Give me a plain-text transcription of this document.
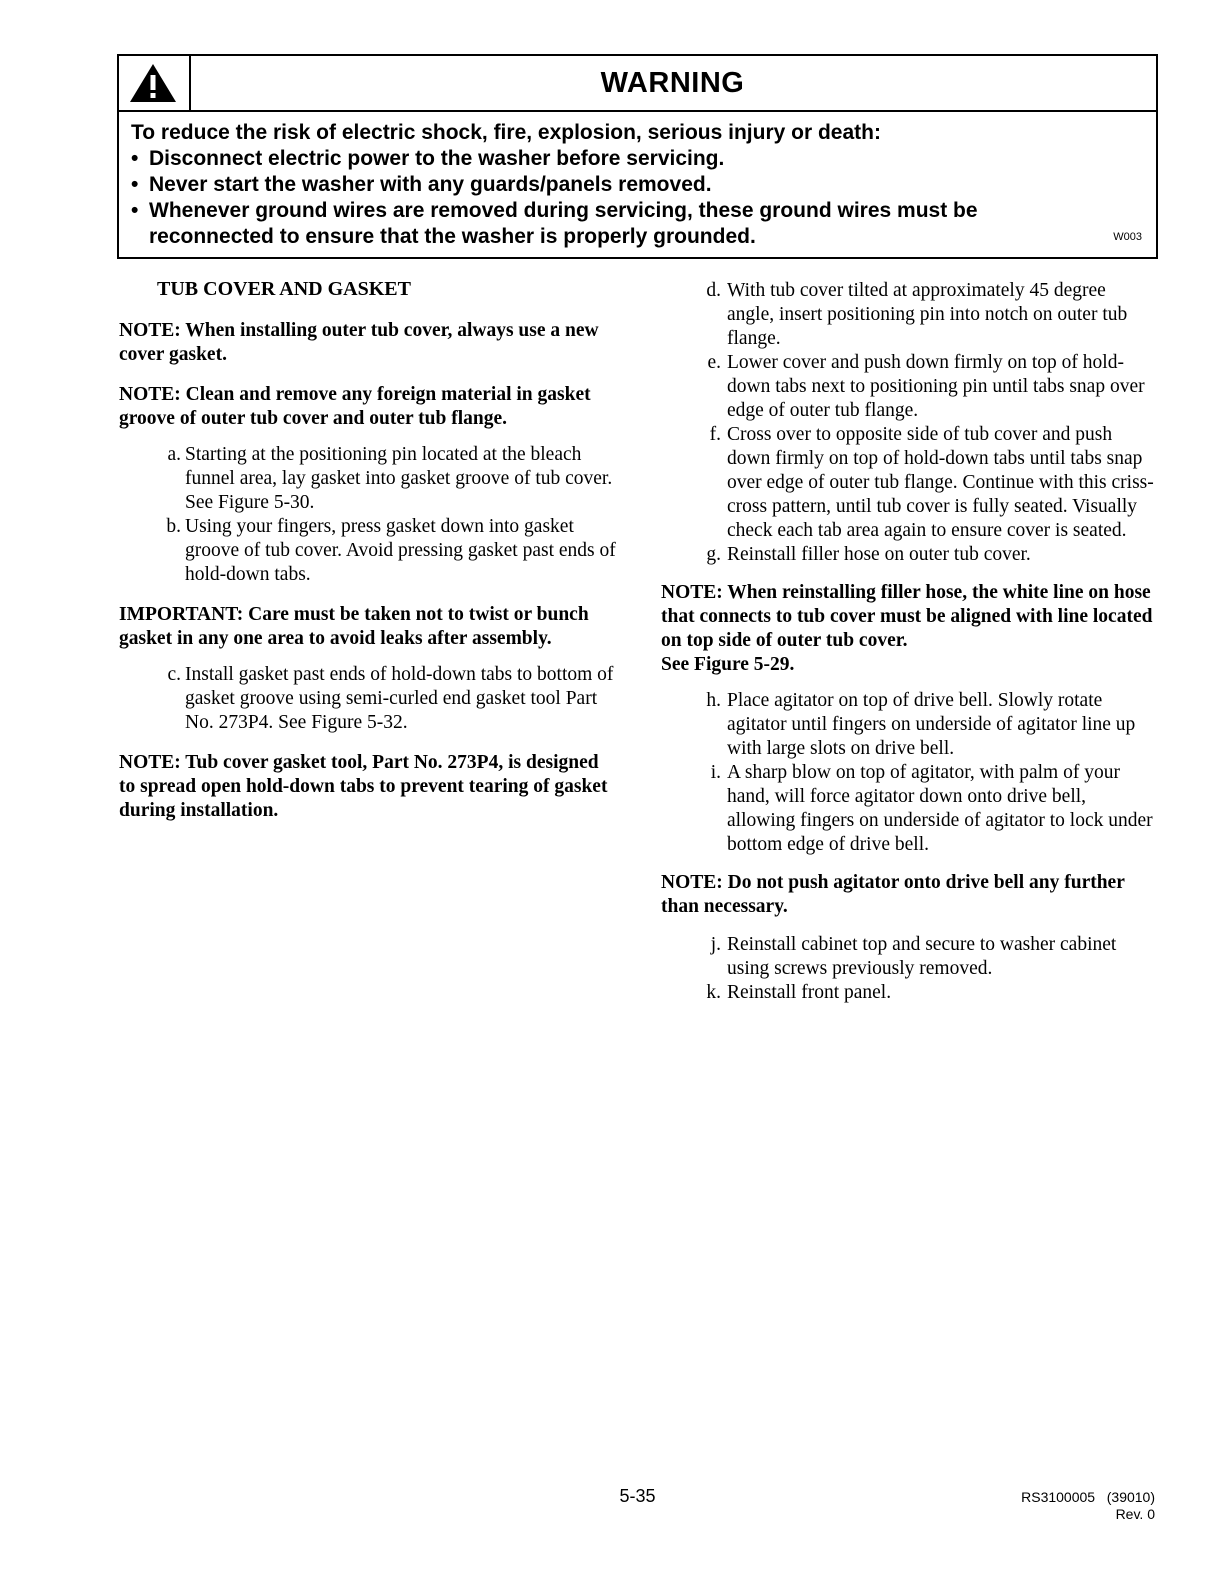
WARNING
To reduce the risk of electric shock, fire, explosion, serious injury or death:
• Disconnect electric power to the washer before servicing.
• Never start the washer with any guards/panels removed.
• Whenever ground wires are removed during servicing, these ground wires must be
reconnected to ensure that the washer is properly grounded.	W003
TUB COVER AND GASKET
NOTE: When installing outer tub cover, always use a new cover gasket.
NOTE: Clean and remove any foreign material in gasket groove of outer tub cover and outer tub flange.
a. Starting at the positioning pin located at the bleach funnel area, lay gasket into gasket groove of tub cover. See Figure 5-30.
b. Using your fingers, press gasket down into gasket groove of tub cover. Avoid pressing gasket past ends of hold-down tabs.
IMPORTANT: Care must be taken not to twist or bunch gasket in any one area to avoid leaks after assembly.
c. Install gasket past ends of hold-down tabs to bottom of gasket groove using semi-curled end gasket tool Part No. 273P4. See Figure 5-32.
NOTE: Tub cover gasket tool, Part No. 273P4, is designed to spread open hold-down tabs to prevent tearing of gasket during installation.
d. With tub cover tilted at approximately 45 degree angle, insert positioning pin into notch on outer tub flange.
e. Lower cover and push down firmly on top of hold-down tabs next to positioning pin until tabs snap over edge of outer tub flange.
f. Cross over to opposite side of tub cover and push down firmly on top of hold-down tabs until tabs snap over edge of outer tub flange. Continue with this criss-cross pattern, until tub cover is fully seated. Visually check each tab area again to ensure cover is seated.
g. Reinstall filler hose on outer tub cover.
NOTE: When reinstalling filler hose, the white line on hose that connects to tub cover must be aligned with line located on top side of outer tub cover.
See Figure 5-29.
h. Place agitator on top of drive bell. Slowly rotate agitator until fingers on underside of agitator line up with large slots on drive bell.
i. A sharp blow on top of agitator, with palm of your hand, will force agitator down onto drive bell, allowing fingers on underside of agitator to lock under bottom edge of drive bell.
NOTE: Do not push agitator onto drive bell any further than necessary.
j. Reinstall cabinet top and secure to washer cabinet using screws previously removed.
k. Reinstall front panel.
5-35	RS3100005   (39010)
Rev. 0
